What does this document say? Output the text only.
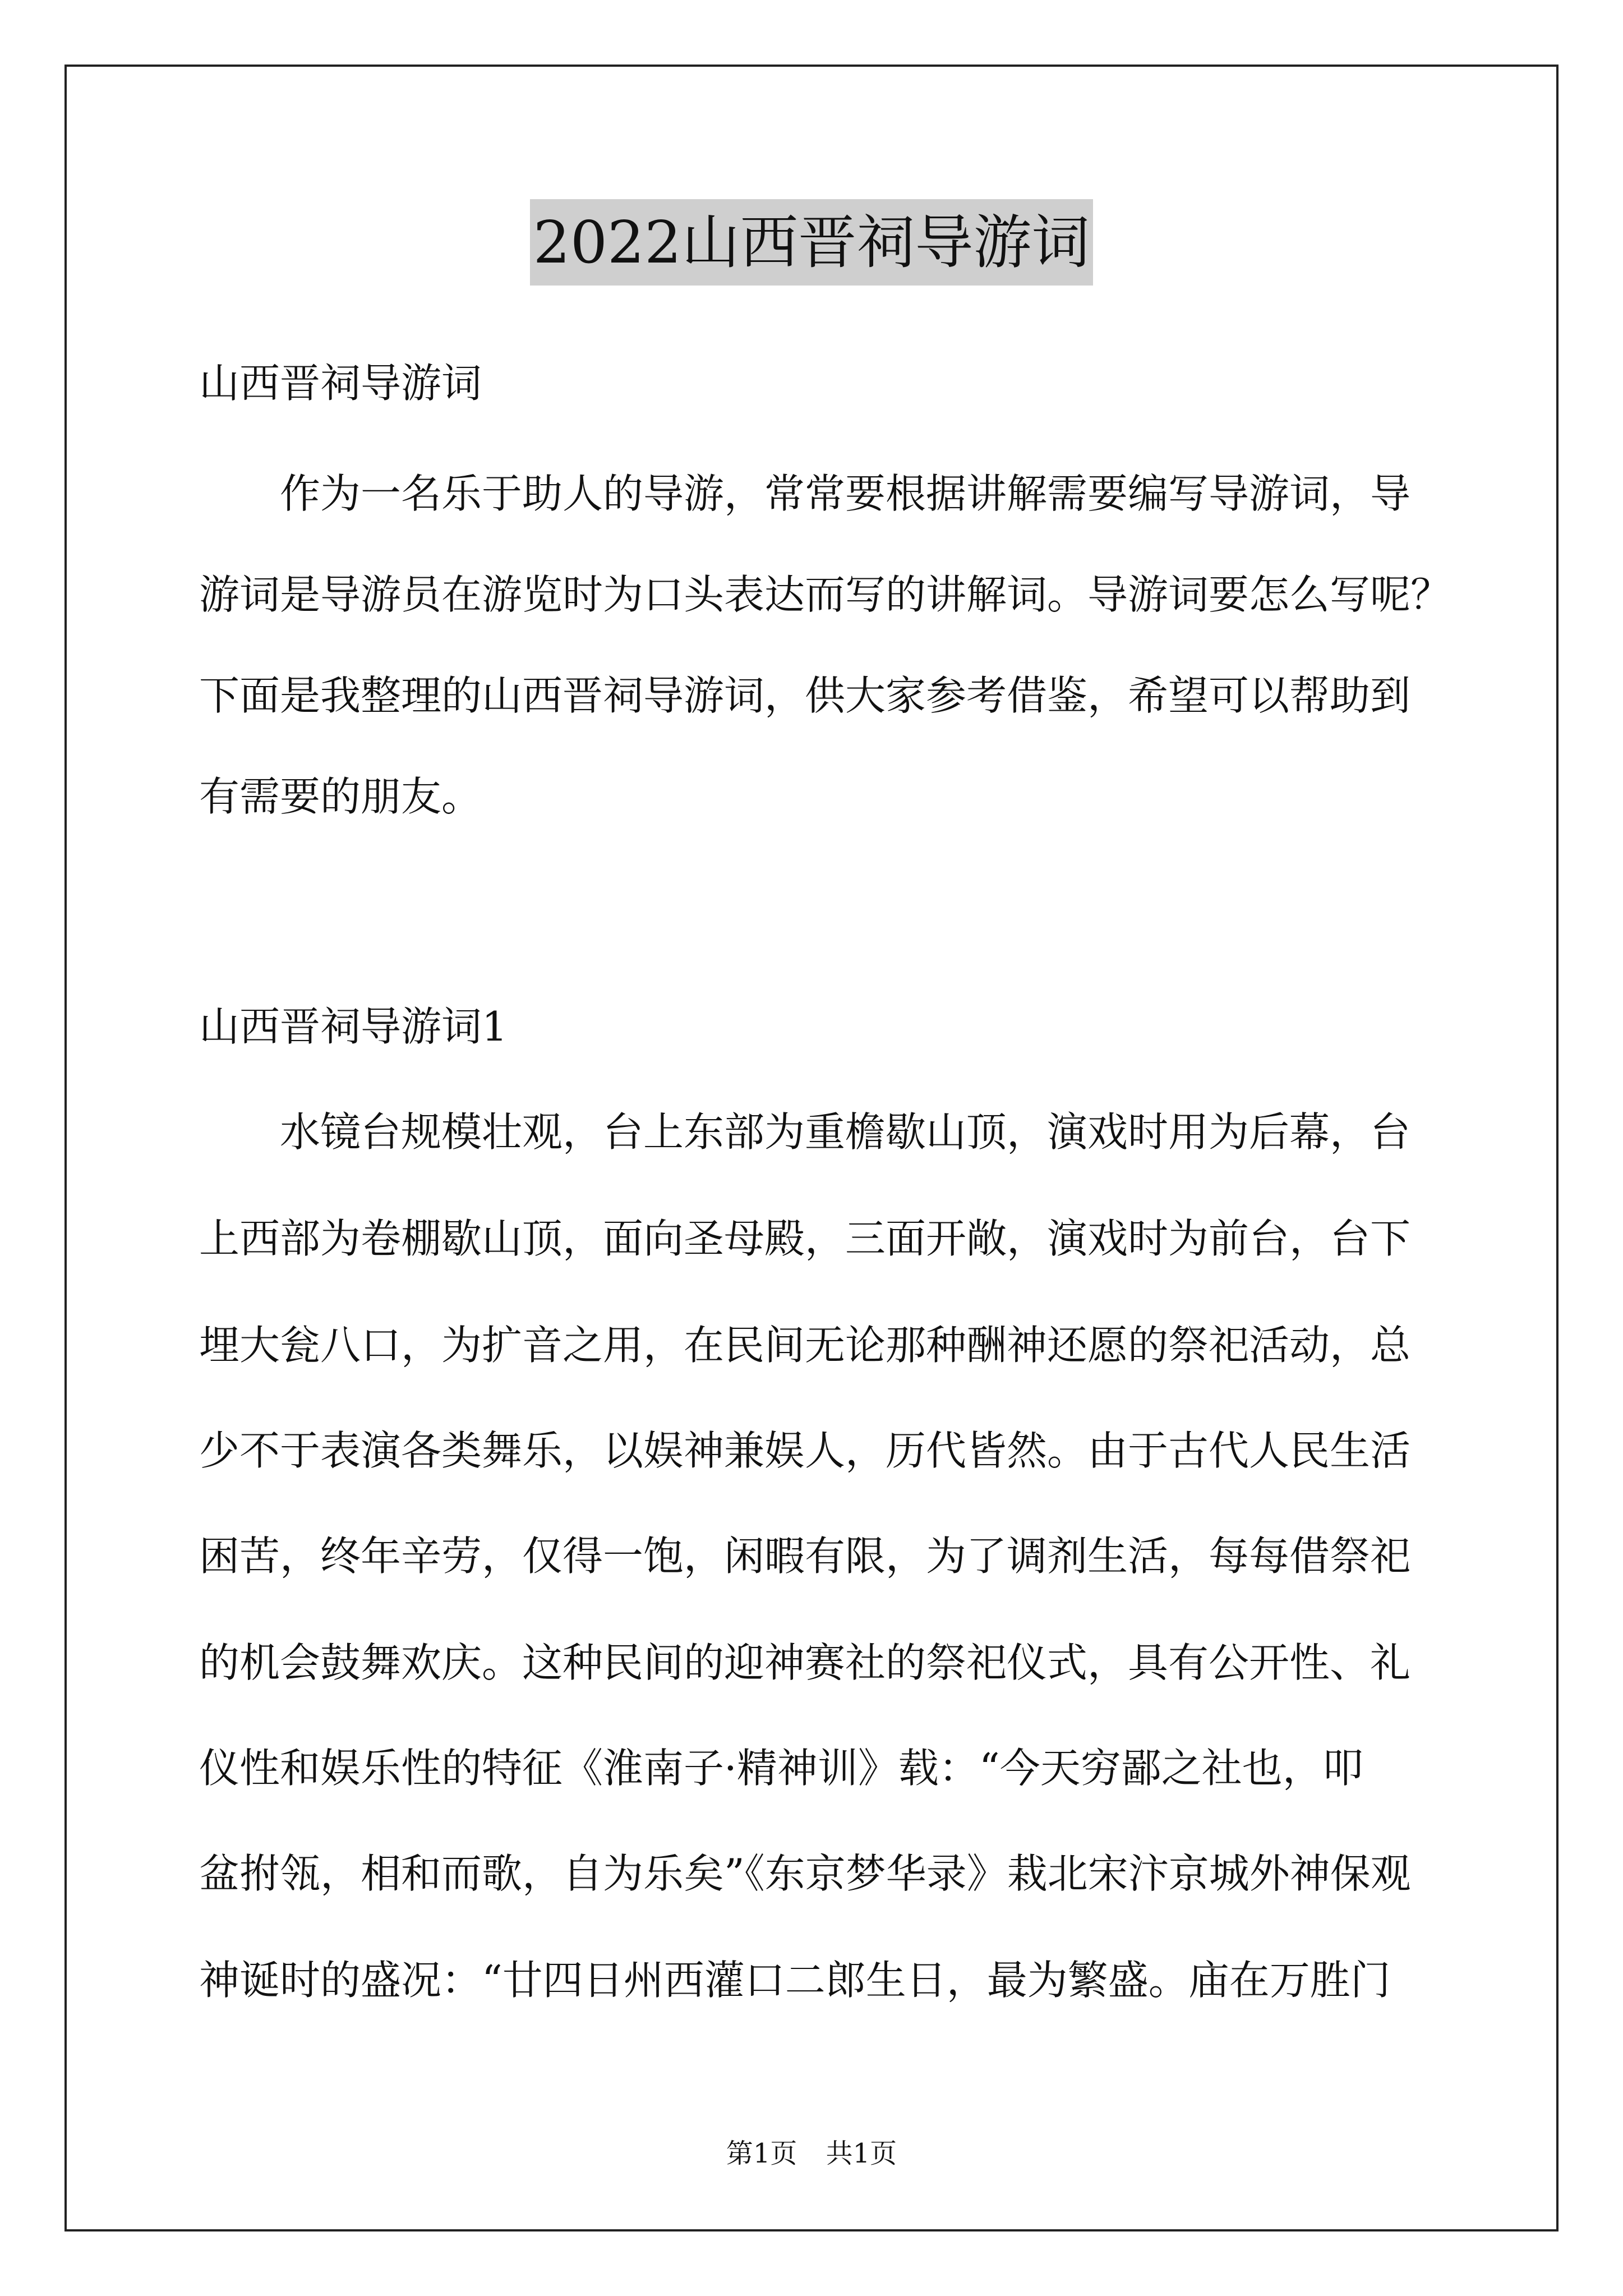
2022山西晋祠导游词
山西晋祠导游词
　　作为一名乐于助人的导游，常常要根据讲解需要编写导游词，导
游词是导游员在游览时为口头表达而写的讲解词。导游词要怎么写呢？
下面是我整理的山西晋祠导游词，供大家参考借鉴，希望可以帮助到
有需要的朋友。
山西晋祠导游词1
　　水镜台规模壮观，台上东部为重檐歇山顶，演戏时用为后幕，台
上西部为卷棚歇山顶，面向圣母殿，三面开敞，演戏时为前台，台下
埋大瓮八口，为扩音之用，在民间无论那种酬神还愿的祭祀活动，总
少不于表演各类舞乐，以娱神兼娱人，历代皆然。由于古代人民生活
困苦，终年辛劳，仅得一饱，闲暇有限，为了调剂生活，每每借祭祀
的机会鼓舞欢庆。这种民间的迎神赛社的祭祀仪式，具有公开性、礼
仪性和娱乐性的特征《淮南子·精神训》载：“今天穷鄙之社也，叩
盆拊瓴，相和而歌，自为乐矣”《东京梦华录》栽北宋汴京城外神保观
神诞时的盛况：“廿四日州西灌口二郎生日，最为繁盛。庙在万胜门
第1页 共1页
